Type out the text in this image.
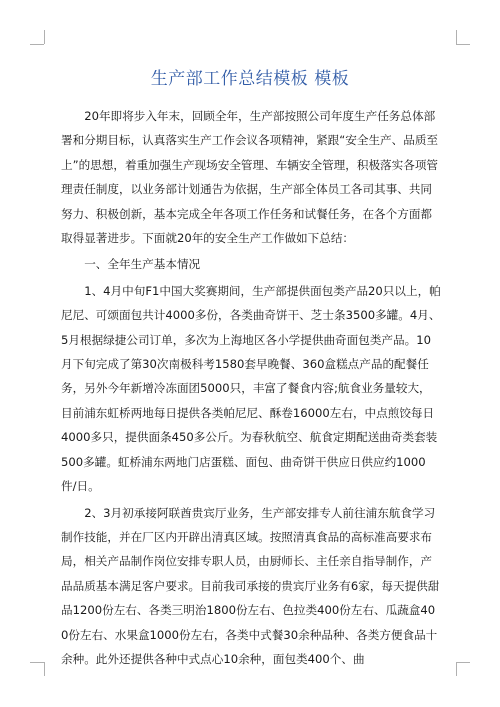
生产部工作总结模板 模板

20年即将步入年末，回顾全年，生产部按照公司年度生产任务总体部署和分期目标，认真落实生产工作会议各项精神，紧跟“安全生产、品质至上”的思想，着重加强生产现场安全管理、车辆安全管理，积极落实各项管理责任制度，以业务部计划通告为依据，生产部全体员工各司其事、共同努力、积极创新，基本完成全年各项工作任务和试餐任务，在各个方面都取得显著进步。下面就20年的安全生产工作做如下总结：

一、全年生产基本情况

1、4月中旬F1中国大奖赛期间，生产部提供面包类产品20只以上，帕尼尼、可颂面包共计4000多份，各类曲奇饼干、芝士条3500多罐。4月、5月根据绿捷公司订单，多次为上海地区各小学提供曲奇面包类产品。10月下旬完成了第30次南极科考1580套早晚餐、360盒糕点产品的配餐任务，另外今年新增冷冻面团5000只，丰富了餐食内容;航食业务量较大，目前浦东虹桥两地每日提供各类帕尼尼、酥卷16000左右，中点煎饺每日4000多只，提供面条450多公斤。为春秋航空、航食定期配送曲奇类套装500多罐。虹桥浦东两地门店蛋糕、面包、曲奇饼干供应日供应约1000件/日。

2、3月初承接阿联酋贵宾厅业务，生产部安排专人前往浦东航食学习制作技能，并在厂区内开辟出清真区域。按照清真食品的高标准高要求布局，相关产品制作岗位安排专职人员，由厨师长、主任亲自指导制作，产品品质基本满足客户要求。目前我司承接的贵宾厅业务有6家，每天提供甜品1200份左右、各类三明治1800份左右、色拉类400份左右、瓜蔬盒400份左右、水果盒1000份左右，各类中式餐30余种品种、各类方便食品十余种。此外还提供各种中式点心10余种，面包类400个、曲
